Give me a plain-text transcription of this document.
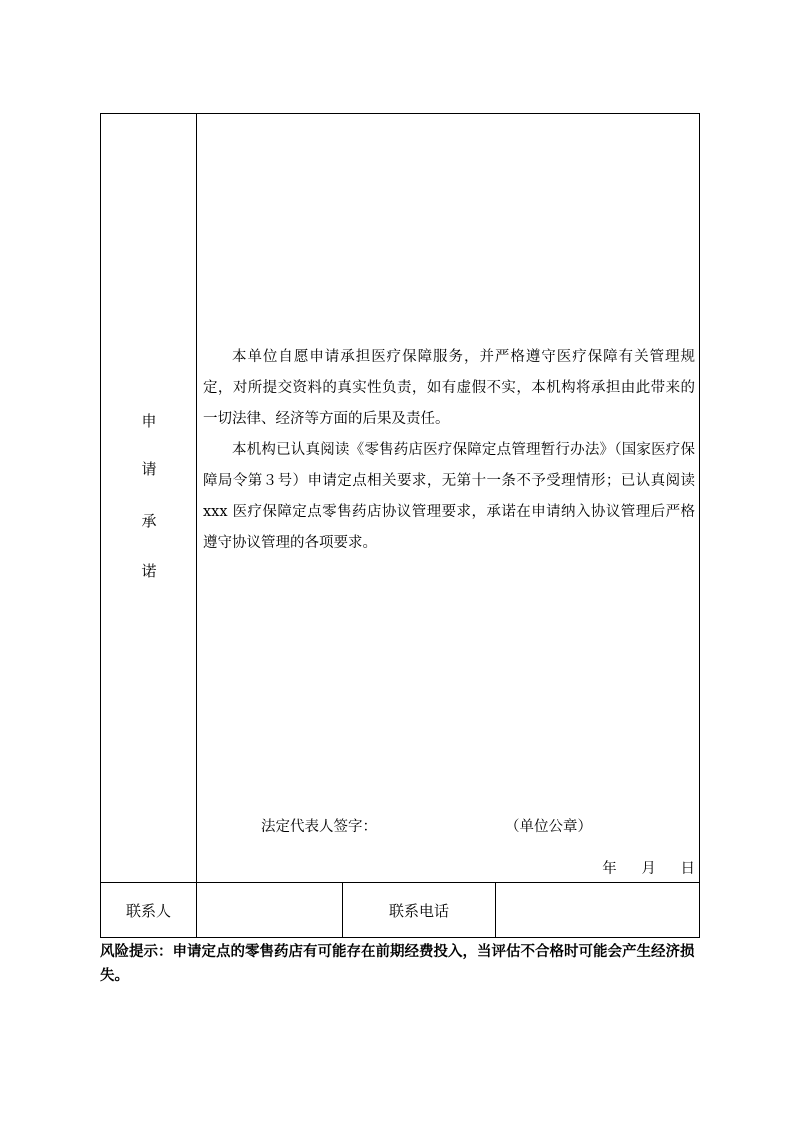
申
请
承
诺

本单位自愿申请承担医疗保障服务，并严格遵守医疗保障有关管理规定，对所提交资料的真实性负责，如有虚假不实，本机构将承担由此带来的一切法律、经济等方面的后果及责任。

本机构已认真阅读《零售药店医疗保障定点管理暂行办法》（国家医疗保障局令第３号）申请定点相关要求，无第十一条不予受理情形；已认真阅读 xxx 医疗保障定点零售药店协议管理要求，承诺在申请纳入协议管理后严格遵守协议管理的各项要求。

法定代表人签字：	（单位公章）
年 月 日
联系人	联系电话
风险提示：申请定点的零售药店有可能存在前期经费投入，当评估不合格时可能会产生经济损失。
